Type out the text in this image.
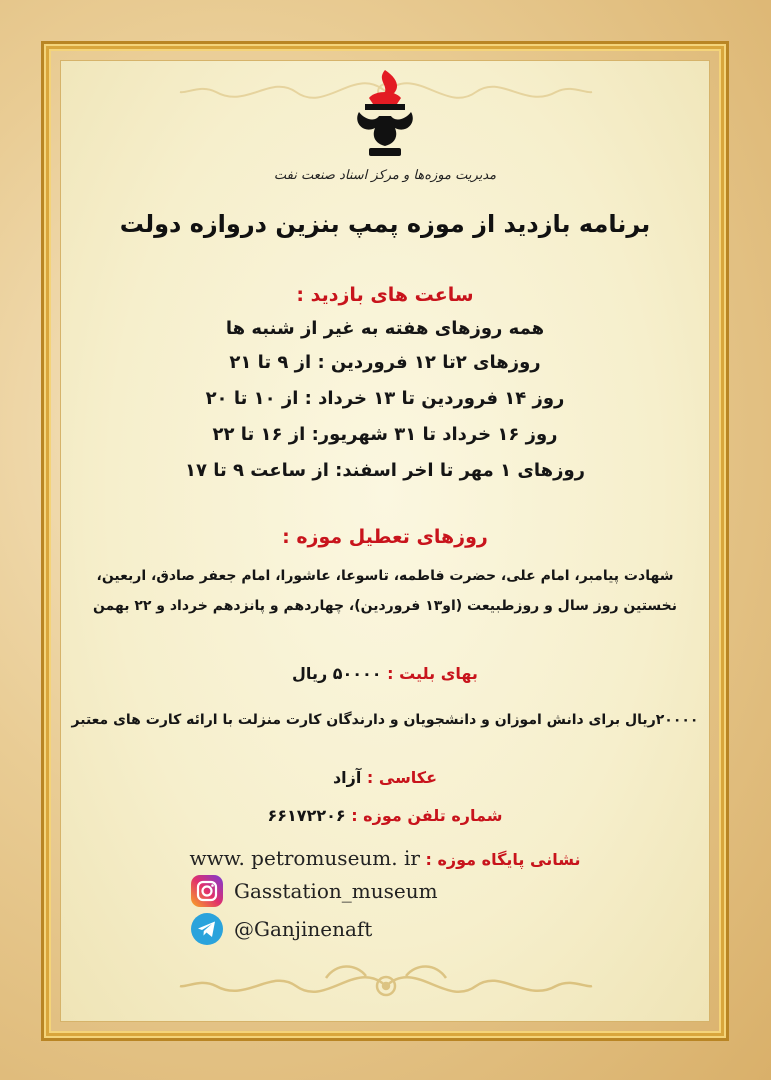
مدیریت موزه‌ها و مرکز اسناد صنعت نفت
برنامه بازدید از موزه پمپ بنزین دروازه دولت
ساعت های بازدید :
همه روزهای هفته به غیر از شنبه ها
روزهای ۲تا ۱۲ فروردین : از ۹ تا ۲۱
روز ۱۴ فروردین تا ۱۳ خرداد : از ۱۰ تا ۲۰
روز ۱۶ خرداد تا ۳۱ شهریور: از ۱۶ تا ۲۲
روزهای ۱ مهر تا اخر اسفند: از ساعت ۹ تا ۱۷
روزهای تعطیل موزه :
شهادت پیامبر، امام علی، حضرت فاطمه، تاسوعا، عاشورا، امام جعفر صادق، اربعین،
نخستین روز سال و روزطبیعت (او۱۳ فروردین)، چهاردهم و پانزدهم خرداد و ۲۲ بهمن
بهای بلیت : ۵۰۰۰۰ ریال
۲۰۰۰۰ریال برای دانش اموزان و دانشجویان و دارندگان کارت منزلت با ارائه کارت های معتبر
عکاسی : آزاد
شماره تلفن موزه : ۶۶۱۷۲۲۰۶
نشانی پایگاه موزه : www. petromuseum. ir
Gasstation_museum
@Ganjinenaft
